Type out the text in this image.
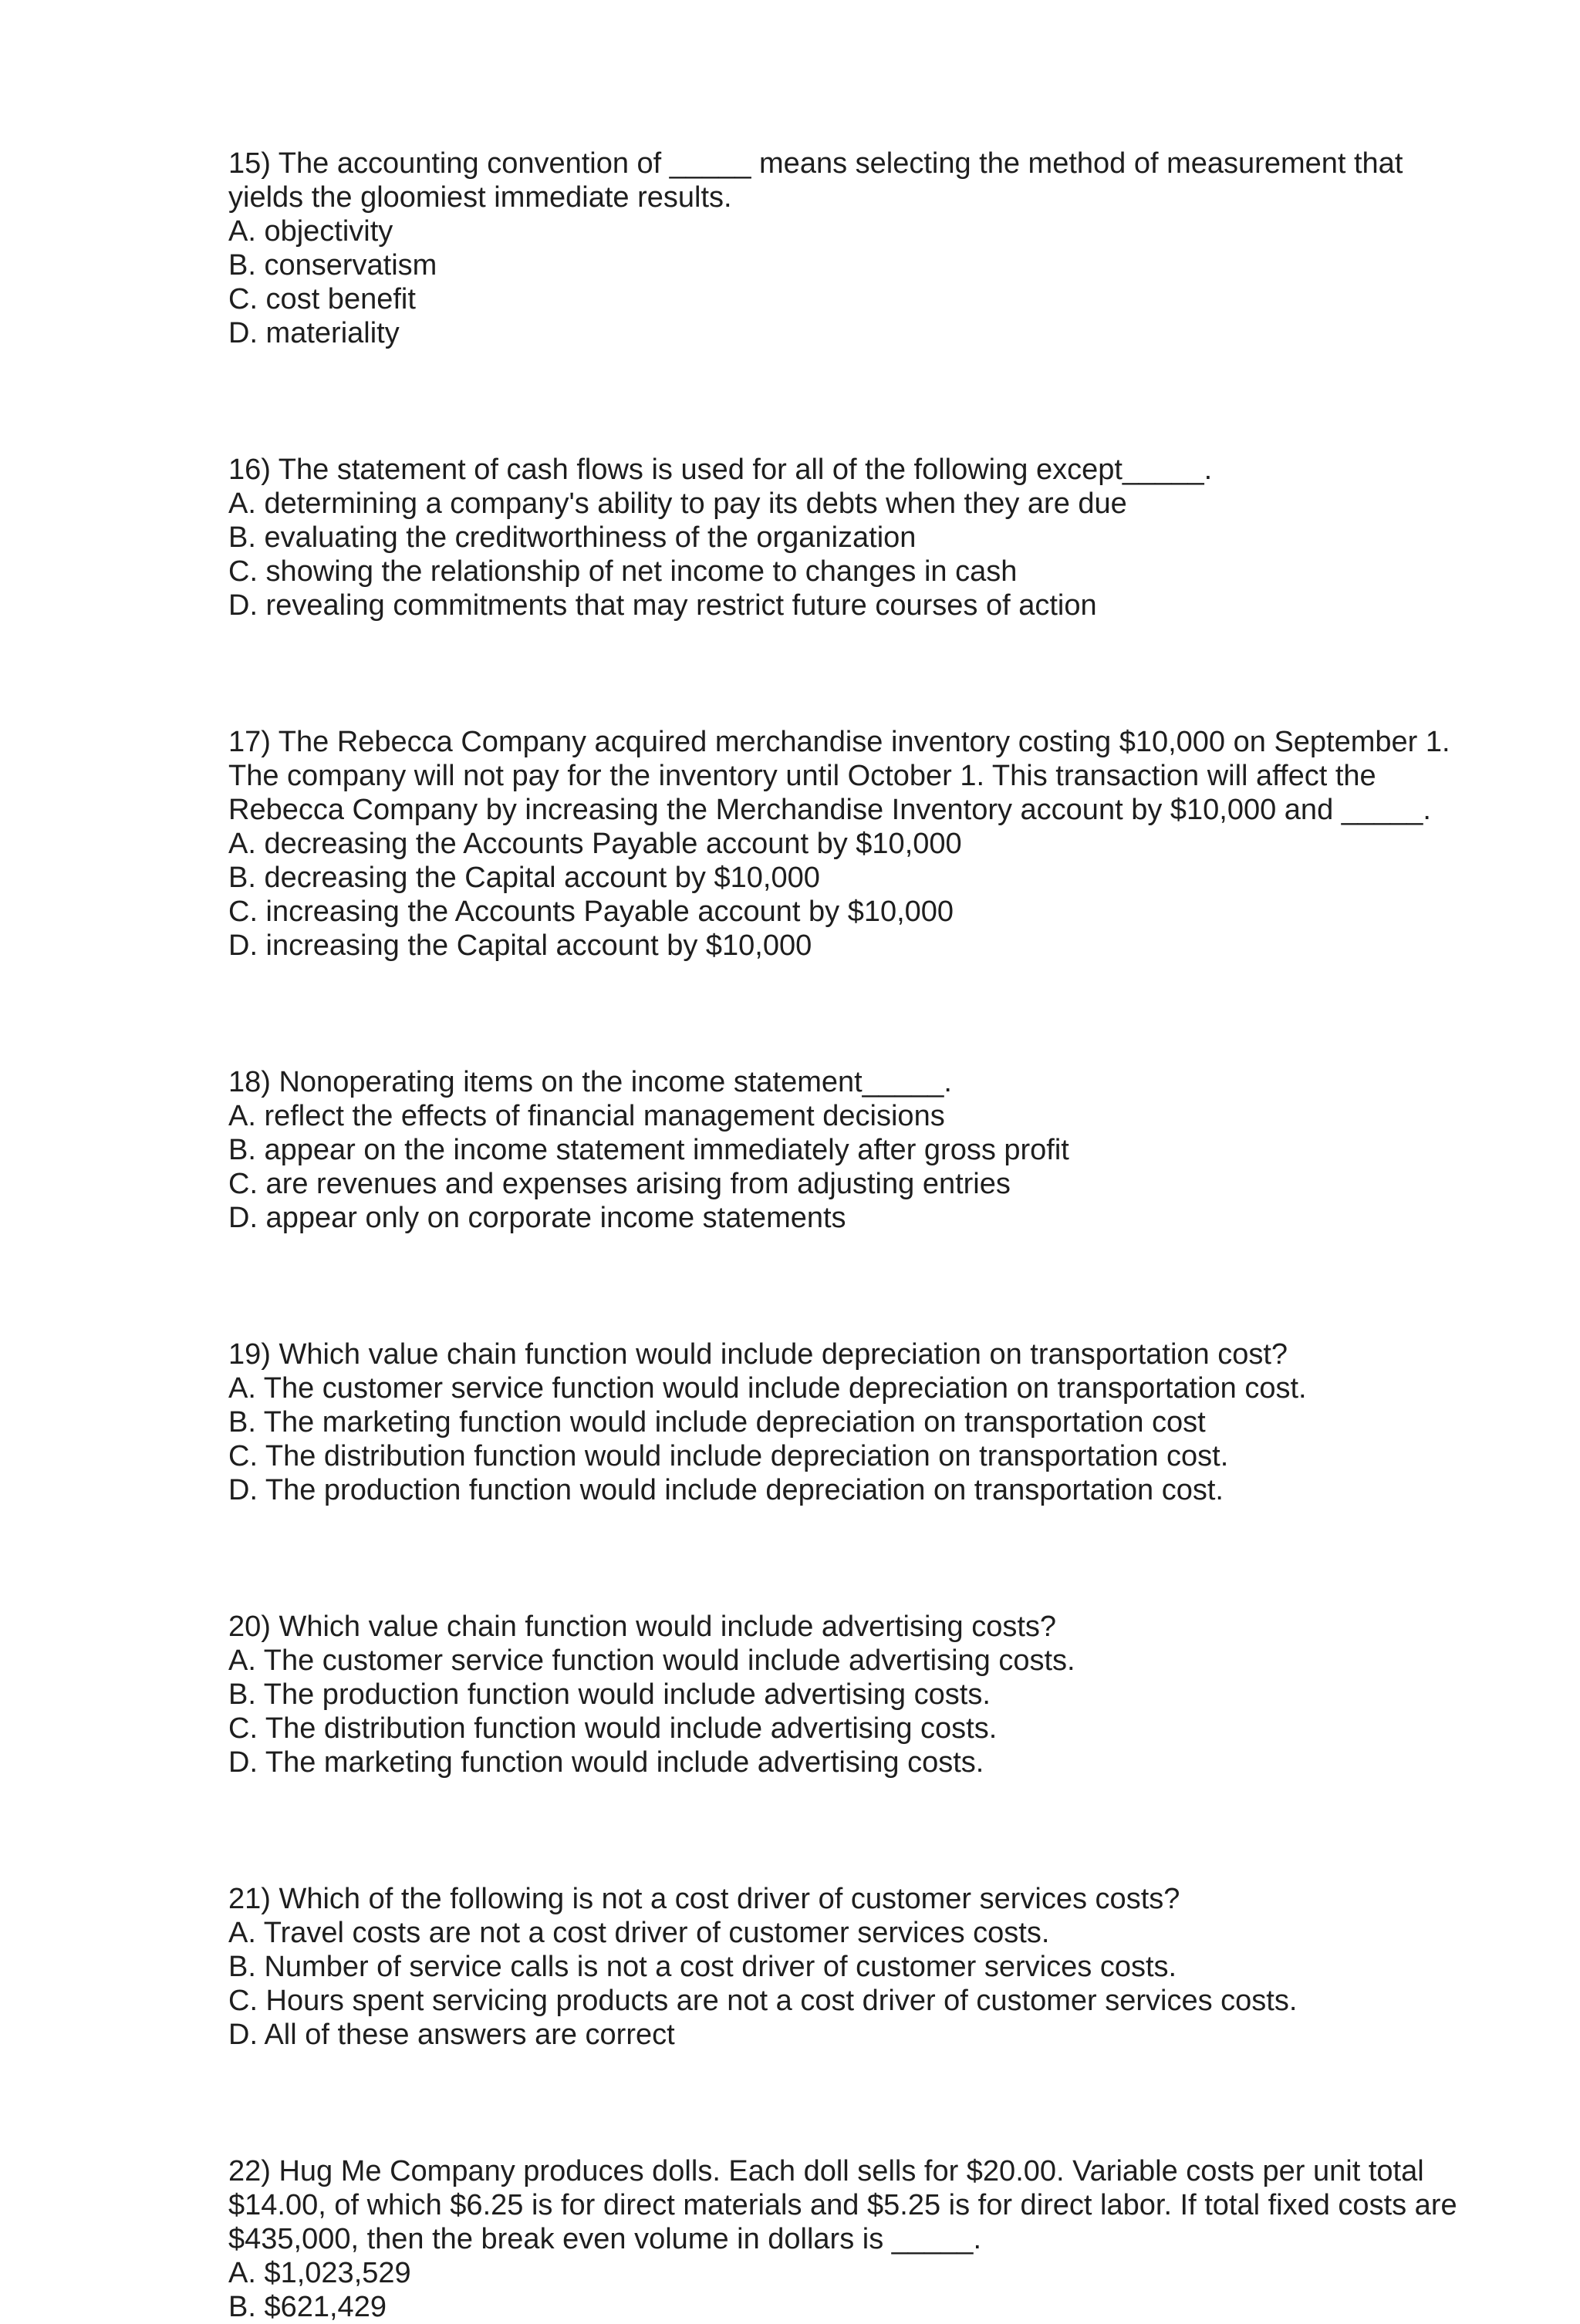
15) The accounting convention of _____ means selecting the method of measurement that
yields the gloomiest immediate results.

A. objectivity
B. conservatism
C. cost benefit
D. materiality

16) The statement of cash flows is used for all of the following except_____.

A. determining a company's ability to pay its debts when they are due
B. evaluating the creditworthiness of the organization
C. showing the relationship of net income to changes in cash
D. revealing commitments that may restrict future courses of action

17) The Rebecca Company acquired merchandise inventory costing $10,000 on September 1.
The company will not pay for the inventory until October 1. This transaction will affect the
Rebecca Company by increasing the Merchandise Inventory account by $10,000 and _____.

A. decreasing the Accounts Payable account by $10,000
B. decreasing the Capital account by $10,000
C. increasing the Accounts Payable account by $10,000
D. increasing the Capital account by $10,000

18) Nonoperating items on the income statement_____.

A. reflect the effects of financial management decisions
B. appear on the income statement immediately after gross profit
C. are revenues and expenses arising from adjusting entries
D. appear only on corporate income statements

19) Which value chain function would include depreciation on transportation cost?

A. The customer service function would include depreciation on transportation cost.
B. The marketing function would include depreciation on transportation cost
C. The distribution function would include depreciation on transportation cost.
D. The production function would include depreciation on transportation cost.

20) Which value chain function would include advertising costs?

A. The customer service function would include advertising costs.
B. The production function would include advertising costs.
C. The distribution function would include advertising costs.
D. The marketing function would include advertising costs.

21) Which of the following is not a cost driver of customer services costs?

A. Travel costs are not a cost driver of customer services costs.
B. Number of service calls is not a cost driver of customer services costs.
C. Hours spent servicing products are not a cost driver of customer services costs.
D. All of these answers are correct

22) Hug Me Company produces dolls. Each doll sells for $20.00. Variable costs per unit total
$14.00, of which $6.25 is for direct materials and $5.25 is for direct labor. If total fixed costs are
$435,000, then the break even volume in dollars is _____.

A. $1,023,529
B. $621,429
